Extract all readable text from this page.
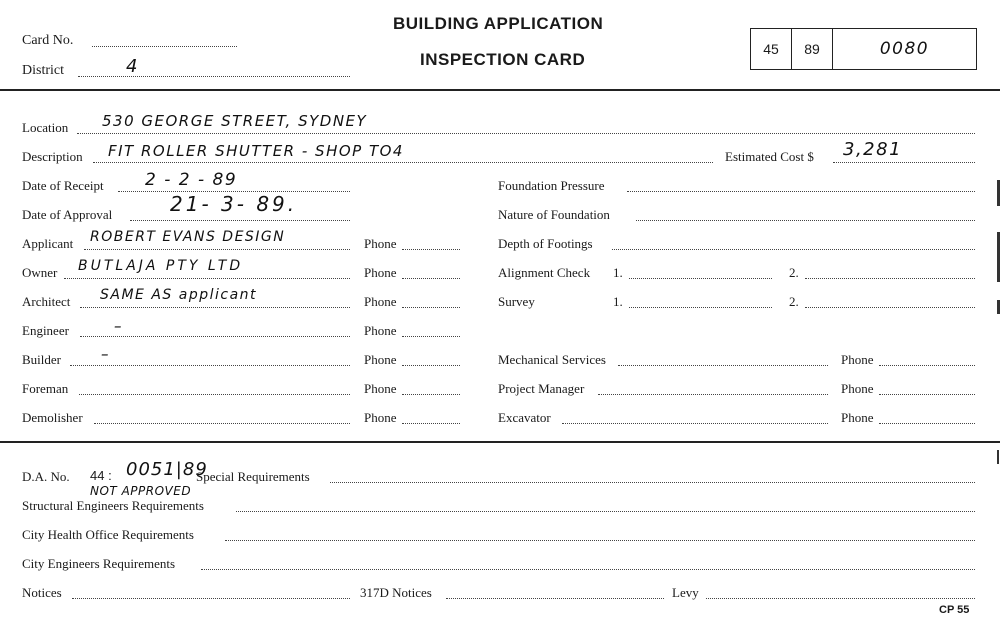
Card No.
District	4
BUILDING APPLICATION
INSPECTION CARD
45	89	0080
Location 530 GEORGE STREET, SYDNEY
Description FIT ROLLER SHUTTER - SHOP TO4	Estimated Cost $ 3,281
Date of Receipt 2 - 2 - 89	Foundation Pressure
Date of Approval	21- 3- 89.	Nature of Foundation
Applicant ROBERT EVANS DESIGN	Phone	Depth of Footings
Owner BUTLAJA PTY LTD	Phone	Alignment Check 1.	2.
Architect SAME AS applicant	Phone	Survey	1.	2.
Engineer	–	Phone
Builder	–	Phone	Mechanical Services	Phone
Foreman	Phone	Project Manager	Phone
Demolisher	Phone	Excavator	Phone
D.A. No. 44 : 0051|89
Special Requirements
NOT APPROVED
Structural Engineers Requirements
City Health Office Requirements
City Engineers Requirements
Notices	317D Notices	Levy
CP 55
